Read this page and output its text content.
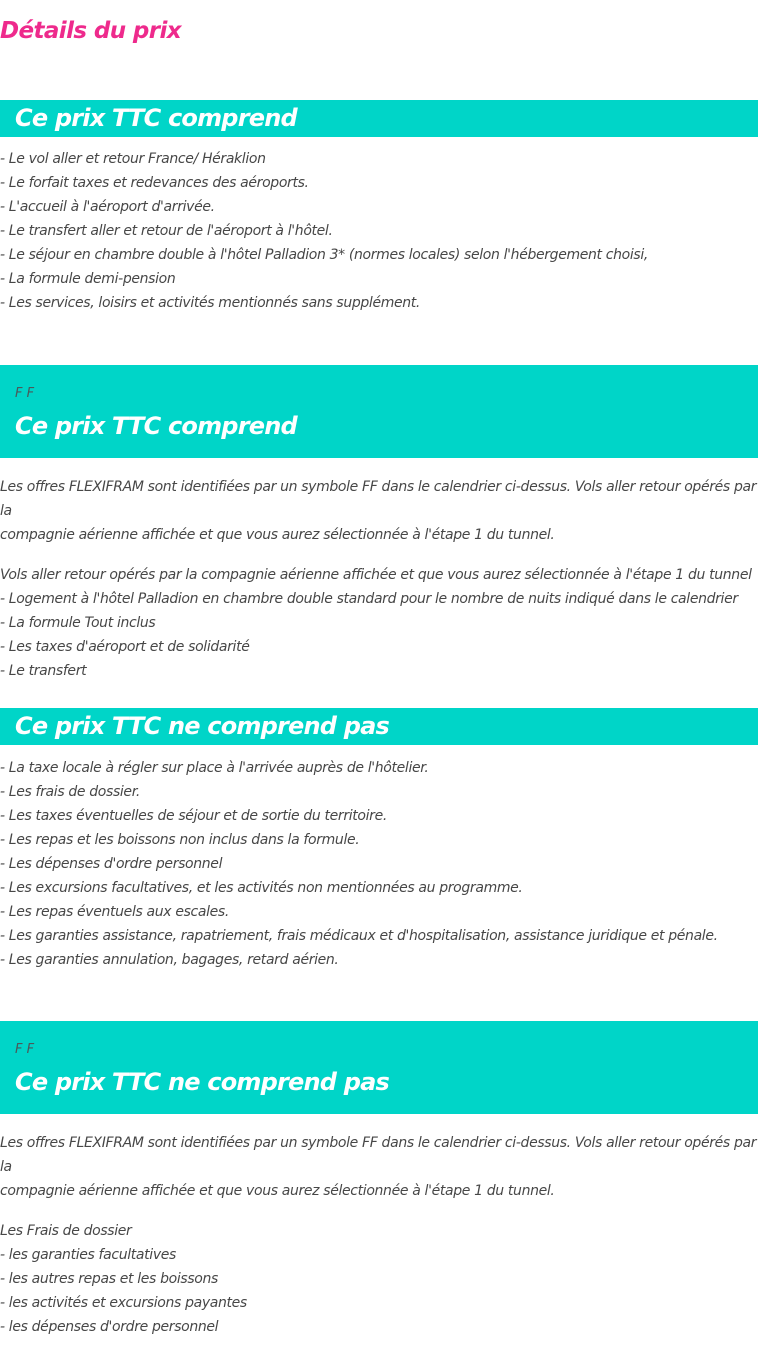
Détails du prix
Ce prix TTC comprend
- Le vol aller et retour France/ Héraklion
- Le forfait taxes et redevances des aéroports.
- L'accueil à l'aéroport d'arrivée.
- Le transfert aller et retour de l'aéroport à l'hôtel.
- Le séjour en chambre double à l'hôtel Palladion 3* (normes locales) selon l'hébergement choisi,
- La formule demi-pension
- Les services, loisirs et activités mentionnés sans supplément.
F F
Ce prix TTC comprend
Les offres FLEXIFRAM sont identifiées par un symbole FF dans le calendrier ci-dessus. Vols aller retour opérés par la
compagnie aérienne affichée et que vous aurez sélectionnée à l'étape 1 du tunnel.
Vols aller retour opérés par la compagnie aérienne affichée et que vous aurez sélectionnée à l'étape 1 du tunnel
- Logement à l'hôtel Palladion en chambre double standard pour le nombre de nuits indiqué dans le calendrier
- La formule Tout inclus
- Les taxes d'aéroport et de solidarité
- Le transfert
Ce prix TTC ne comprend pas
- La taxe locale à régler sur place à l'arrivée auprès de l'hôtelier.
- Les frais de dossier.
- Les taxes éventuelles de séjour et de sortie du territoire.
- Les repas et les boissons non inclus dans la formule.
- Les dépenses d'ordre personnel
- Les excursions facultatives, et les activités non mentionnées au programme.
- Les repas éventuels aux escales.
- Les garanties assistance, rapatriement, frais médicaux et d'hospitalisation, assistance juridique et pénale.
- Les garanties annulation, bagages, retard aérien.
F F
Ce prix TTC ne comprend pas
Les offres FLEXIFRAM sont identifiées par un symbole FF dans le calendrier ci-dessus. Vols aller retour opérés par la
compagnie aérienne affichée et que vous aurez sélectionnée à l'étape 1 du tunnel.
Les Frais de dossier
- les garanties facultatives
- les autres repas et les boissons
- les activités et excursions payantes
- les dépenses d'ordre personnel
